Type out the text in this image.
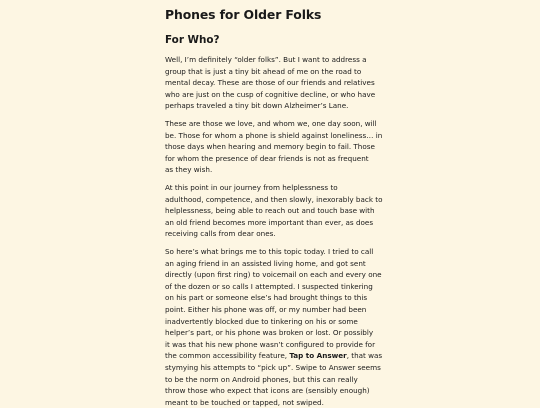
Phones for Older Folks
For Who?

Well, I’m definitely “older folks”. But I want to address a
group that is just a tiny bit ahead of me on the road to
mental decay. These are those of our friends and relatives
who are just on the cusp of cognitive decline, or who have
perhaps traveled a tiny bit down Alzheimer’s Lane.

These are those we love, and whom we, one day soon, will
be. Those for whom a phone is shield against loneliness… in
those days when hearing and memory begin to fail. Those
for whom the presence of dear friends is not as frequent
as they wish.

At this point in our journey from helplessness to
adulthood, competence, and then slowly, inexorably back to
helplessness, being able to reach out and touch base with
an old friend becomes more important than ever, as does
receiving calls from dear ones.

So here’s what brings me to this topic today. I tried to call
an aging friend in an assisted living home, and got sent
directly (upon first ring) to voicemail on each and every one
of the dozen or so calls I attempted. I suspected tinkering
on his part or someone else’s had brought things to this
point. Either his phone was off, or my number had been
inadvertently blocked due to tinkering on his or some
helper’s part, or his phone was broken or lost. Or possibly
it was that his new phone wasn’t configured to provide for
the common accessibility feature, Tap to Answer, that was
stymying his attempts to “pick up”. Swipe to Answer seems
to be the norm on Android phones, but this can really
throw those who expect that icons are (sensibly enough)
meant to be touched or tapped, not swiped.
